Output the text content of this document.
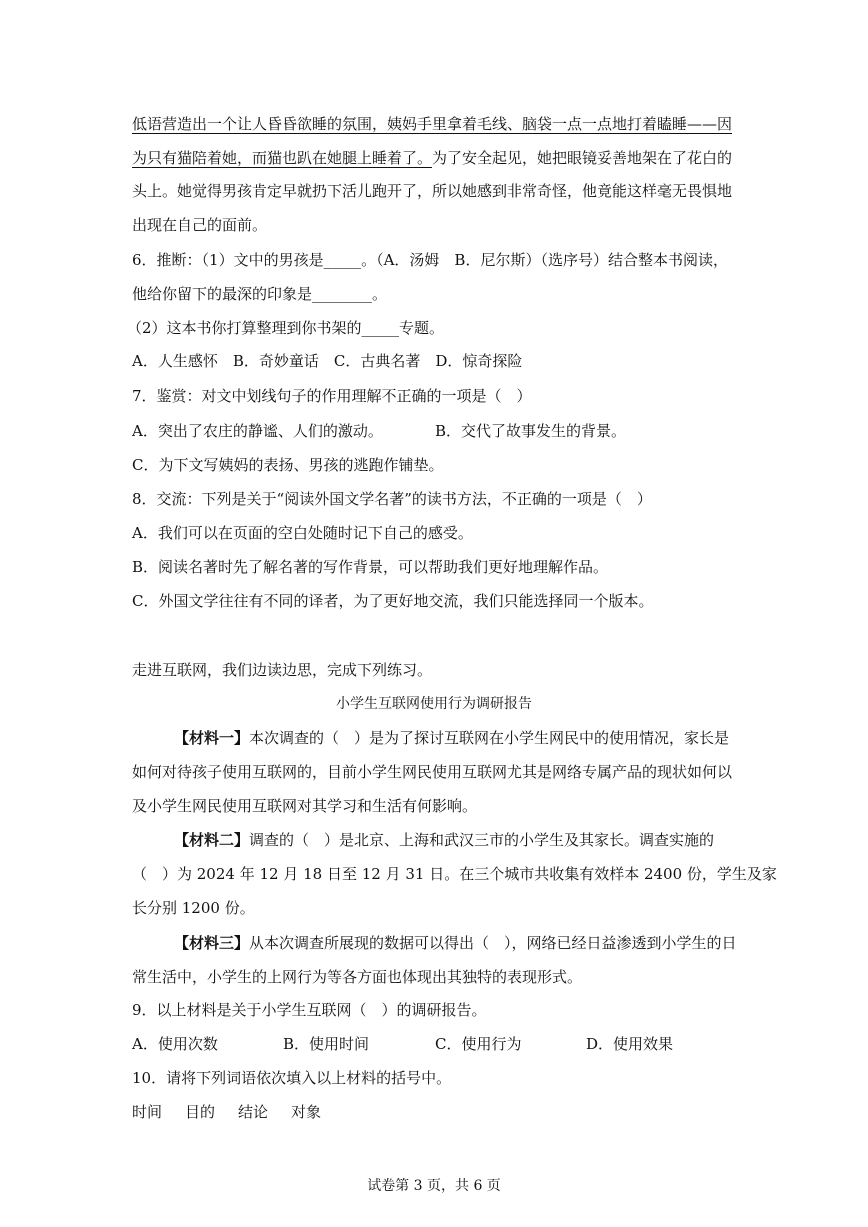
低语营造出一个让人昏昏欲睡的氛围，姨妈手里拿着毛线、脑袋一点一点地打着瞌睡——因
为只有猫陪着她，而猫也趴在她腿上睡着了。为了安全起见，她把眼镜妥善地架在了花白的
头上。她觉得男孩肯定早就扔下活儿跑开了，所以她感到非常奇怪，他竟能这样毫无畏惧地
出现在自己的面前。
6．推断：（1）文中的男孩是_____。（A．汤姆　B．尼尔斯）（选序号）结合整本书阅读，
他给你留下的最深的印象是________。
（2）这本书你打算整理到你书架的_____专题。
A．人生感怀　B．奇妙童话　C．古典名著　D．惊奇探险
7．鉴赏：对文中划线句子的作用理解不正确的一项是（　）
A．突出了农庄的静谧、人们的激动。	B．交代了故事发生的背景。
C．为下文写姨妈的表扬、男孩的逃跑作铺垫。
8．交流：下列是关于“阅读外国文学名著”的读书方法，不正确的一项是（　）
A．我们可以在页面的空白处随时记下自己的感受。
B．阅读名著时先了解名著的写作背景，可以帮助我们更好地理解作品。
C．外国文学往往有不同的译者，为了更好地交流，我们只能选择同一个版本。
走进互联网，我们边读边思，完成下列练习。
小学生互联网使用行为调研报告
【材料一】本次调查的（　）是为了探讨互联网在小学生网民中的使用情况，家长是
如何对待孩子使用互联网的，目前小学生网民使用互联网尤其是网络专属产品的现状如何以
及小学生网民使用互联网对其学习和生活有何影响。
【材料二】调查的（　）是北京、上海和武汉三市的小学生及其家长。调查实施的
（　）为 2024 年 12 月 18 日至 12 月 31 日。在三个城市共收集有效样本 2400 份，学生及家
长分别 1200 份。
【材料三】从本次调查所展现的数据可以得出（　），网络已经日益渗透到小学生的日
常生活中，小学生的上网行为等各方面也体现出其独特的表现形式。
9．以上材料是关于小学生互联网（　）的调研报告。
A．使用次数	B．使用时间	C．使用行为	D．使用效果
10．请将下列词语依次填入以上材料的括号中。
时间 目的 结论 对象
试卷第 3 页，共 6 页
